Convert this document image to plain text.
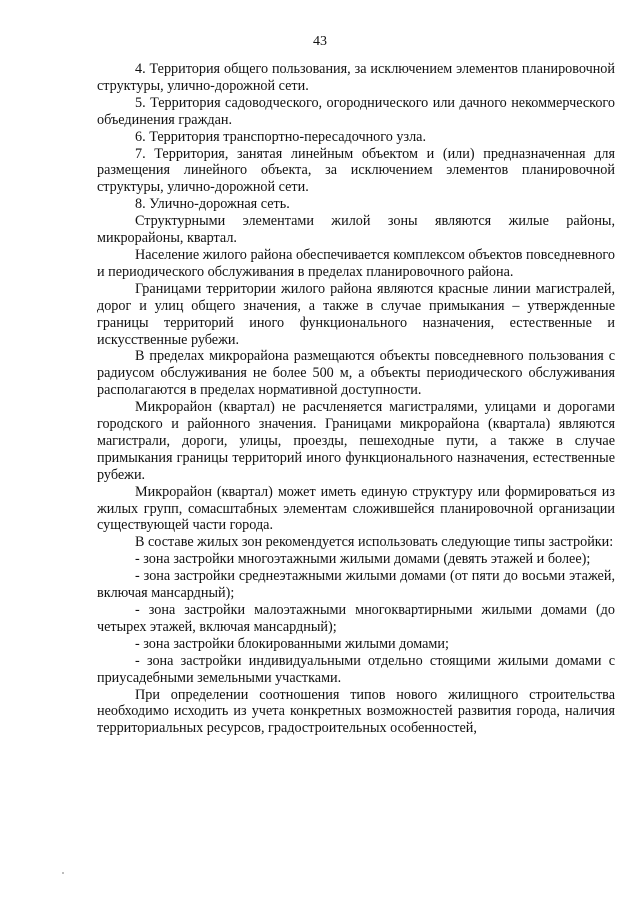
43

4. Территория общего пользования, за исключением элементов планировочной структуры, улично-дорожной сети.

5. Территория садоводческого, огороднического или дачного некоммерческого объединения граждан.

6. Территория транспортно-пересадочного узла.

7. Территория, занятая линейным объектом и (или) предназначенная для размещения линейного объекта, за исключением элементов планировочной структуры, улично-дорожной сети.

8. Улично-дорожная сеть.

Структурными элементами жилой зоны являются жилые районы, микрорайоны, квартал.

Население жилого района обеспечивается комплексом объектов повседневного и периодического обслуживания в пределах планировочного района.

Границами территории жилого района являются красные линии магистралей, дорог и улиц общего значения, а также в случае примыкания – утвержденные границы территорий иного функционального назначения, естественные и искусственные рубежи.

В пределах микрорайона размещаются объекты повседневного пользования с радиусом обслуживания не более 500 м, а объекты периодического обслуживания располагаются в пределах нормативной доступности.

Микрорайон (квартал) не расчленяется магистралями, улицами и дорогами городского и районного значения. Границами микрорайона (квартала) являются магистрали, дороги, улицы, проезды, пешеходные пути, а также в случае примыкания границы территорий иного функционального назначения, естественные рубежи.

Микрорайон (квартал) может иметь единую структуру или формироваться из жилых групп, сомасштабных элементам сложившейся планировочной организации существующей части города.

В составе жилых зон рекомендуется использовать следующие типы застройки:

- зона застройки многоэтажными жилыми домами (девять этажей и более);

- зона застройки среднеэтажными жилыми домами (от пяти до восьми этажей, включая мансардный);

- зона застройки малоэтажными многоквартирными жилыми домами (до четырех этажей, включая мансардный);

- зона застройки блокированными жилыми домами;

- зона застройки индивидуальными отдельно стоящими жилыми домами с приусадебными земельными участками.

При определении соотношения типов нового жилищного строительства необходимо исходить из учета конкретных возможностей развития города, наличия территориальных ресурсов, градостроительных особенностей,
